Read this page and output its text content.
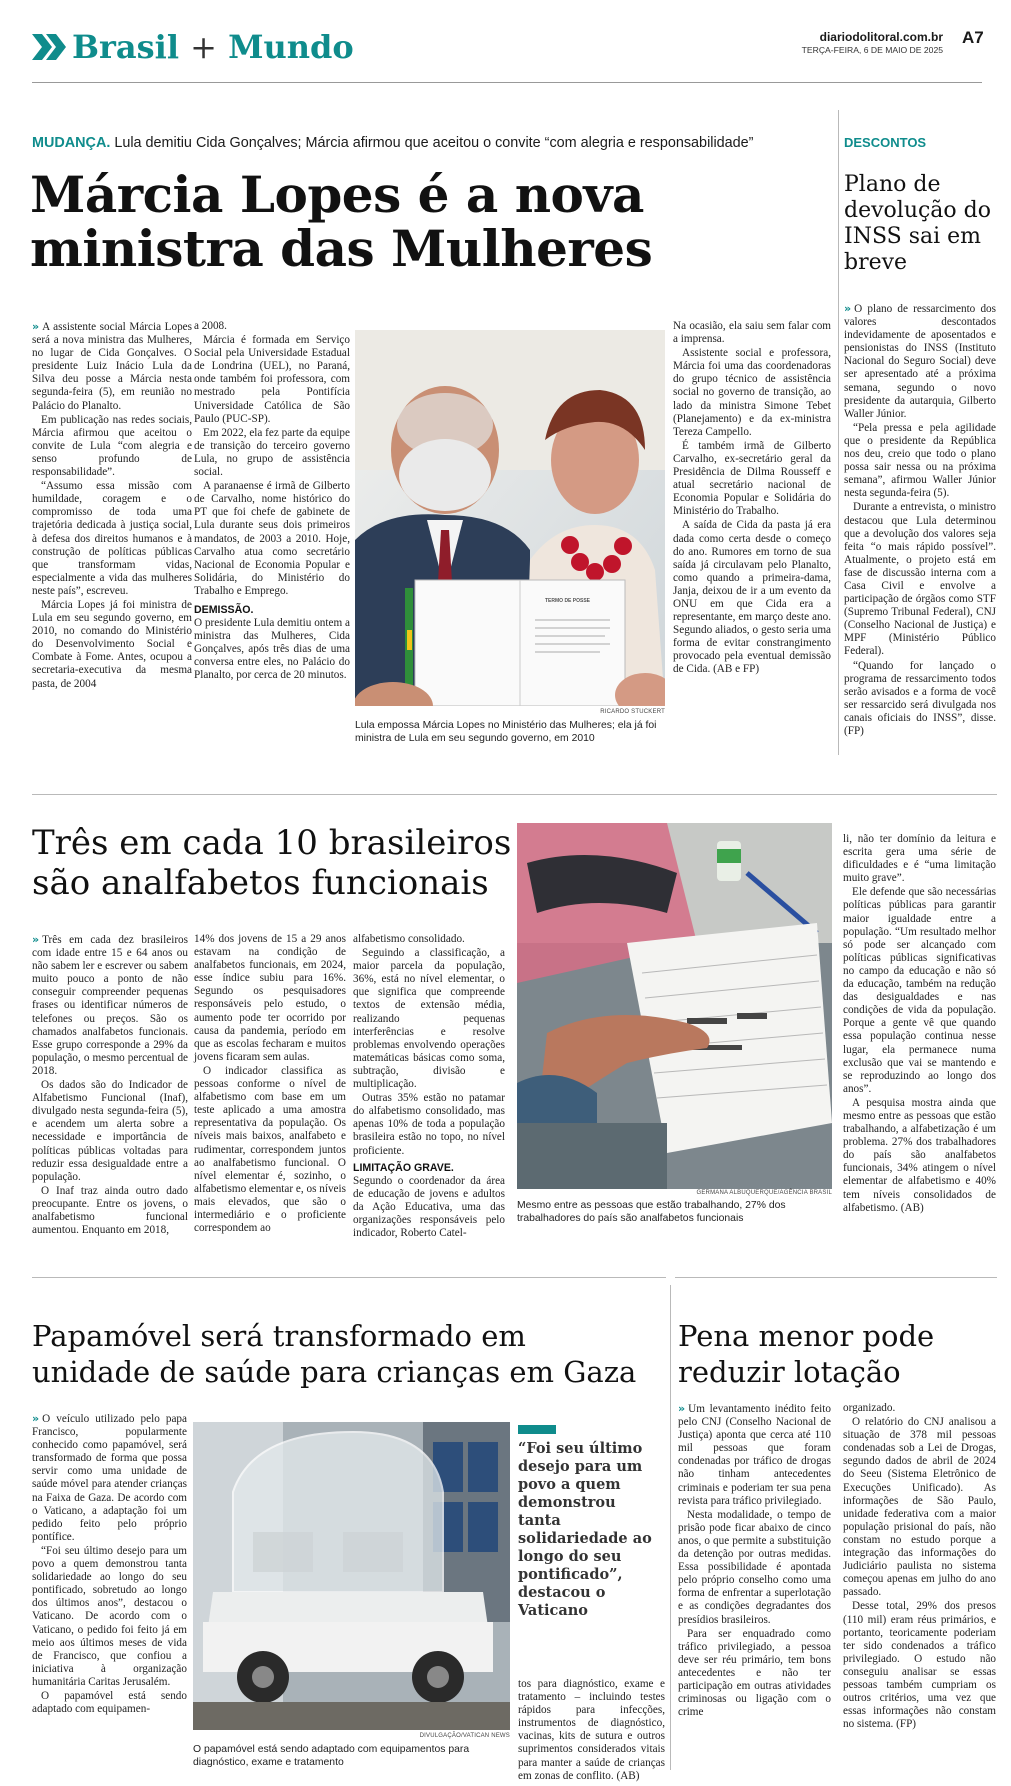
Brasil + Mundo	diariodolitoral.com.br
TERÇA-FEIRA, 6 DE MAIO DE 2025
A7
MUDANÇA. Lula demitiu Cida Gonçalves; Márcia afirmou que aceitou o convite “com alegria e responsabilidade”
Márcia Lopes é a nova
ministra das Mulheres

» A assistente social Márcia Lopes será a nova ministra das Mulheres, no lugar de Cida Gonçalves. O presidente Luiz Inácio Lula da Silva deu posse a Márcia nesta segunda-feira (5), em reunião no Palácio do Planalto.

Em publicação nas redes sociais, Márcia afirmou que aceitou o convite de Lula “com alegria e senso profundo de responsabilidade”.

“Assumo essa missão com humildade, coragem e o compromisso de toda uma trajetória dedicada à justiça social, à defesa dos direitos humanos e à construção de políticas públicas que transformam vidas, especialmente a vida das mulheres neste país”, escreveu.

Márcia Lopes já foi ministra de Lula em seu segundo governo, em 2010, no comando do Ministério do Desenvolvimento Social e Combate à Fome. Antes, ocupou a secretaria-executiva da mesma pasta, de 2004

a 2008.

Márcia é formada em Serviço Social pela Universidade Estadual de Londrina (UEL), no Paraná, onde também foi professora, com mestrado pela Pontifícia Universidade Católica de São Paulo (PUC-SP).

Em 2022, ela fez parte da equipe de transição do terceiro governo Lula, no grupo de assistência social.

A paranaense é irmã de Gilberto de Carvalho, nome histórico do PT que foi chefe de gabinete de Lula durante seus dois primeiros mandatos, de 2003 a 2010. Hoje, Carvalho atua como secretário Nacional de Economia Popular e Solidária, do Ministério do Trabalho e Emprego.

DEMISSÃO.

O presidente Lula demitiu ontem a ministra das Mulheres, Cida Gonçalves, após três dias de uma conversa entre eles, no Palácio do Planalto, por cerca de 20 minutos.

TERMO DE POSSE
RICARDO STUCKERT
Lula empossa Márcia Lopes no Ministério das Mulheres; ela já foi ministra de Lula em seu segundo governo, em 2010

Na ocasião, ela saiu sem falar com a imprensa.

Assistente social e professora, Márcia foi uma das coordenadoras do grupo técnico de assistência social no governo de transição, ao lado da ministra Simone Tebet (Planejamento) e da ex-ministra Tereza Campello.

É também irmã de Gilberto Carvalho, ex-secretário geral da Presidência de Dilma Rousseff e atual secretário nacional de Economia Popular e Solidária do Ministério do Trabalho.

A saída de Cida da pasta já era dada como certa desde o começo do ano. Rumores em torno de sua saída já circulavam pelo Planalto, como quando a primeira-dama, Janja, deixou de ir a um evento da ONU em que Cida era a representante, em março deste ano. Segundo aliados, o gesto seria uma forma de evitar constrangimento provocado pela eventual demissão de Cida. (AB e FP)

DESCONTOS
Plano de devolução do INSS sai em breve

» O plano de ressarcimento dos valores descontados indevidamente de aposentados e pensionistas do INSS (Instituto Nacional do Seguro Social) deve ser apresentado até a próxima semana, segundo o novo presidente da autarquia, Gilberto Waller Júnior.

“Pela pressa e pela agilidade que o presidente da República nos deu, creio que todo o plano possa sair nessa ou na próxima semana”, afirmou Waller Júnior nesta segunda-feira (5).

Durante a entrevista, o ministro destacou que Lula determinou que a devolução dos valores seja feita “o mais rápido possível”. Atualmente, o projeto está em fase de discussão interna com a Casa Civil e envolve a participação de órgãos como STF (Supremo Tribunal Federal), CNJ (Conselho Nacional de Justiça) e MPF (Ministério Público Federal).

“Quando for lançado o programa de ressarcimento todos serão avisados e a forma de você ser ressarcido será divulgada nos canais oficiais do INSS”, disse. (FP)

Três em cada 10 brasileiros
são analfabetos funcionais

» Três em cada dez brasileiros com idade entre 15 e 64 anos ou não sabem ler e escrever ou sabem muito pouco a ponto de não conseguir compreender pequenas frases ou identificar números de telefones ou preços. São os chamados analfabetos funcionais. Esse grupo corresponde a 29% da população, o mesmo percentual de 2018.

Os dados são do Indicador de Alfabetismo Funcional (Inaf), divulgado nesta segunda-feira (5), e acendem um alerta sobre a necessidade e importância de políticas públicas voltadas para reduzir essa desigualdade entre a população.

O Inaf traz ainda outro dado preocupante. Entre os jovens, o analfabetismo funcional aumentou. Enquanto em 2018,

14% dos jovens de 15 a 29 anos estavam na condição de analfabetos funcionais, em 2024, esse índice subiu para 16%. Segundo os pesquisadores responsáveis pelo estudo, o aumento pode ter ocorrido por causa da pandemia, período em que as escolas fecharam e muitos jovens ficaram sem aulas.

O indicador classifica as pessoas conforme o nível de alfabetismo com base em um teste aplicado a uma amostra representativa da população. Os níveis mais baixos, analfabeto e rudimentar, correspondem juntos ao analfabetismo funcional. O nível elementar é, sozinho, o alfabetismo elementar e, os níveis mais elevados, que são o intermediário e o proficiente correspondem ao

alfabetismo consolidado.

Seguindo a classificação, a maior parcela da população, 36%, está no nível elementar, o que significa que compreende textos de extensão média, realizando pequenas interferências e resolve problemas envolvendo operações matemáticas básicas como soma, subtração, divisão e multiplicação.

Outras 35% estão no patamar do alfabetismo consolidado, mas apenas 10% de toda a população brasileira estão no topo, no nível proficiente.

LIMITAÇÃO GRAVE.

Segundo o coordenador da área de educação de jovens e adultos da Ação Educativa, uma das organizações responsáveis pelo indicador, Roberto Catel-

GERMANA ALBUQUERQUE/AGÊNCIA BRASIL
Mesmo entre as pessoas que estão trabalhando, 27% dos trabalhadores do país são analfabetos funcionais

li, não ter domínio da leitura e escrita gera uma série de dificuldades e é “uma limitação muito grave”.

Ele defende que são necessárias políticas públicas para garantir maior igualdade entre a população. “Um resultado melhor só pode ser alcançado com políticas públicas significativas no campo da educação e não só da educação, também na redução das desigualdades e nas condições de vida da população. Porque a gente vê que quando essa população continua nesse lugar, ela permanece numa exclusão que vai se mantendo e se reproduzindo ao longo dos anos”.

A pesquisa mostra ainda que mesmo entre as pessoas que estão trabalhando, a alfabetização é um problema. 27% dos trabalhadores do país são analfabetos funcionais, 34% atingem o nível elementar de alfabetismo e 40% tem níveis consolidados de alfabetismo. (AB)

Papamóvel será transformado em
unidade de saúde para crianças em Gaza

» O veículo utilizado pelo papa Francisco, popularmente conhecido como papamóvel, será transformado de forma que possa servir como uma unidade de saúde móvel para atender crianças na Faixa de Gaza. De acordo com o Vaticano, a adaptação foi um pedido feito pelo próprio pontífice.

“Foi seu último desejo para um povo a quem demonstrou tanta solidariedade ao longo do seu pontificado, sobretudo ao longo dos últimos anos”, destacou o Vaticano. De acordo com o Vaticano, o pedido foi feito já em meio aos últimos meses de vida de Francisco, que confiou a iniciativa à organização humanitária Caritas Jerusalém.

O papamóvel está sendo adaptado com equipamen-

DIVULGAÇÃO/VATICAN NEWS
O papamóvel está sendo adaptado com equipamentos para diagnóstico, exame e tratamento
“Foi seu último desejo para um povo a quem demonstrou tanta solidariedade ao longo do seu pontificado”, destacou o Vaticano

tos para diagnóstico, exame e tratamento – incluindo testes rápidos para infecções, instrumentos de diagnóstico, vacinas, kits de sutura e outros suprimentos considerados vitais para manter a saúde de crianças em zonas de conflito. (AB)

Pena menor pode
reduzir lotação

» Um levantamento inédito feito pelo CNJ (Conselho Nacional de Justiça) aponta que cerca até 110 mil pessoas que foram condenadas por tráfico de drogas não tinham antecedentes criminais e poderiam ter sua pena revista para tráfico privilegiado.

Nesta modalidade, o tempo de prisão pode ficar abaixo de cinco anos, o que permite a substituição da detenção por outras medidas. Essa possibilidade é apontada pelo próprio conselho como uma forma de enfrentar a superlotação e as condições degradantes dos presídios brasileiros.

Para ser enquadrado como tráfico privilegiado, a pessoa deve ser réu primário, tem bons antecedentes e não ter participação em outras atividades criminosas ou ligação com o crime

organizado.

O relatório do CNJ analisou a situação de 378 mil pessoas condenadas sob a Lei de Drogas, segundo dados de abril de 2024 do Seeu (Sistema Eletrônico de Execuções Unificado). As informações de São Paulo, unidade federativa com a maior população prisional do país, não constam no estudo porque a integração das informações do Judiciário paulista no sistema começou apenas em julho do ano passado.

Desse total, 29% dos presos (110 mil) eram réus primários, e portanto, teoricamente poderiam ter sido condenados a tráfico privilegiado. O estudo não conseguiu analisar se essas pessoas também cumpriam os outros critérios, uma vez que essas informações não constam no sistema. (FP)
